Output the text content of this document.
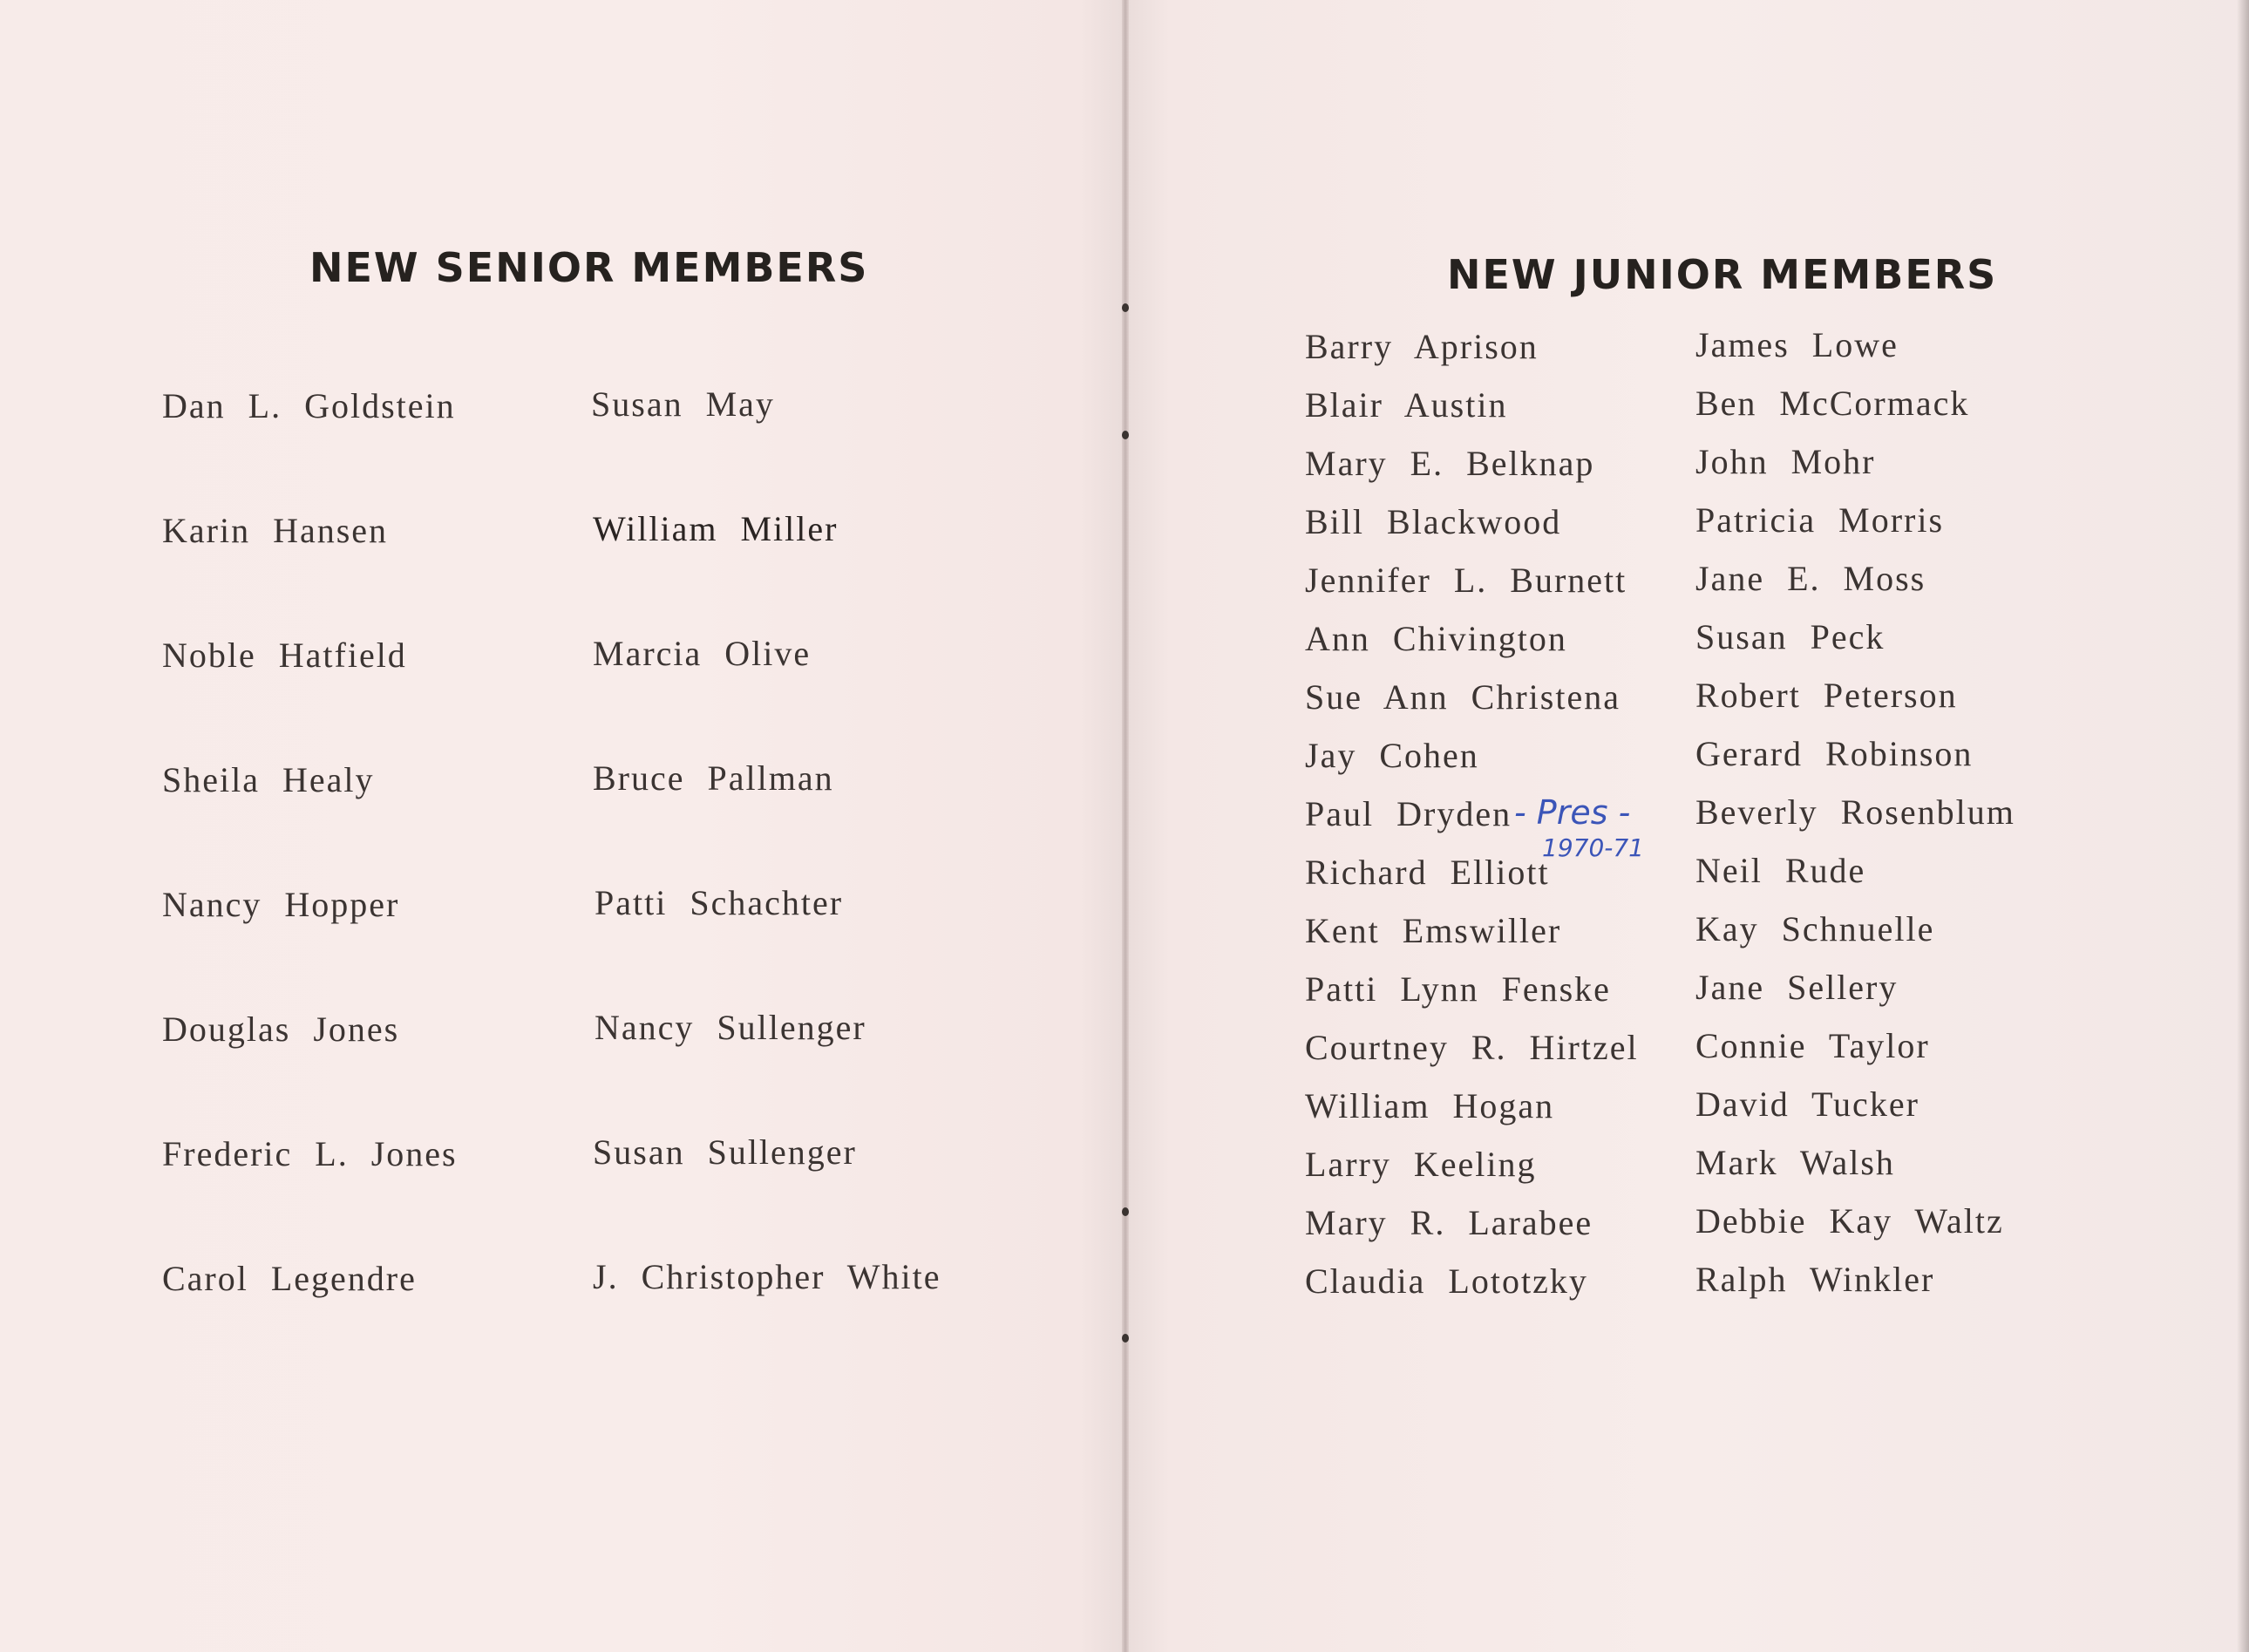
NEW SENIOR MEMBERS
Dan L. Goldstein
Karin Hansen
Noble Hatfield
Sheila Healy
Nancy Hopper
Douglas Jones
Frederic L. Jones
Carol Legendre
Susan May
William Miller
Marcia Olive
Bruce Pallman
Patti Schachter
Nancy Sullenger
Susan Sullenger
J. Christopher White
NEW JUNIOR MEMBERS
Barry Aprison
Blair Austin
Mary E. Belknap
Bill Blackwood
Jennifer L. Burnett
Ann Chivington
Sue Ann Christena
Jay Cohen
Paul Dryden
Richard Elliott
Kent Emswiller
Patti Lynn Fenske
Courtney R. Hirtzel
William Hogan
Larry Keeling
Mary R. Larabee
Claudia Lototzky
James Lowe
Ben McCormack
John Mohr
Patricia Morris
Jane E. Moss
Susan Peck
Robert Peterson
Gerard Robinson
Beverly Rosenblum
Neil Rude
Kay Schnuelle
Jane Sellery
Connie Taylor
David Tucker
Mark Walsh
Debbie Kay Waltz
Ralph Winkler
- Pres -
1970-71
